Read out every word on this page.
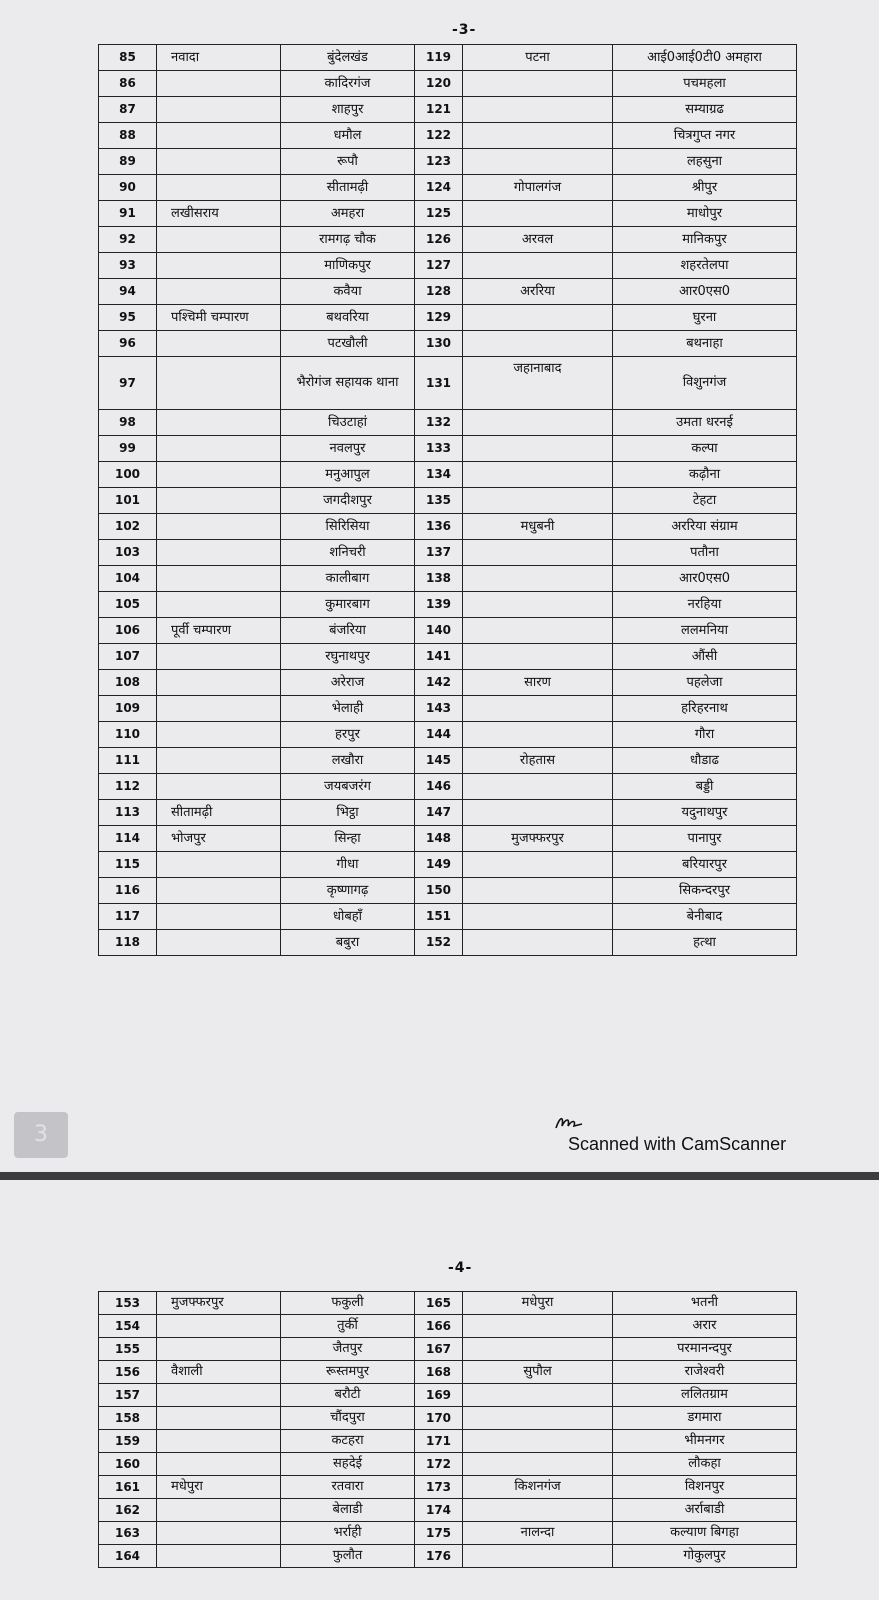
-3-
85	नवादा	बुंदेलखंड	119	पटना	आई0आई0टी0 अमहारा
86		कादिरगंज	120		पचमहला
87		शाहपुर	121		सम्याग्रढ
88		धमौल	122		चित्रगुप्त नगर
89		रूपौ	123		लहसुना
90		सीतामढ़ी	124	गोपालगंज	श्रीपुर
91	लखीसराय	अमहरा	125		माधोपुर
92		रामगढ़ चौक	126	अरवल	मानिकपुर
93		माणिकपुर	127		शहरतेलपा
94		कवैया	128	अररिया	आर0एस0
95	पश्चिमी चम्पारण	बथवरिया	129		घुरना
96		पटखौली	130		बथनाहा
97		भैरोगंज सहायक थाना	131	जहानाबाद	विशुनगंज
98		चिउटाहां	132		उमता धरनई
99		नवलपुर	133		कल्पा
100		मनुआपुल	134		कढ़ौना
101		जगदीशपुर	135		टेहटा
102		सिरिसिया	136	मधुबनी	अररिया संग्राम
103		शनिचरी	137		पतौना
104		कालीबाग	138		आर0एस0
105		कुमारबाग	139		नरहिया
106	पूर्वी चम्पारण	बंजरिया	140		ललमनिया
107		रघुनाथपुर	141		औंसी
108		अरेराज	142	सारण	पहलेजा
109		भेलाही	143		हरिहरनाथ
110		हरपुर	144		गौरा
111		लखौरा	145	रोहतास	धौडाढ
112		जयबजरंग	146		बड्डी
113	सीतामढ़ी	भिट्ठा	147		यदुनाथपुर
114	भोजपुर	सिन्हा	148	मुजफ्फरपुर	पानापुर
115		गीधा	149		बरियारपुर
116		कृष्णागढ़	150		सिकन्दरपुर
117		धोबहाँ	151		बेनीबाद
118		बबुरा	152		हत्था
3	Scanned with CamScanner
-4-
153	मुजफ्फरपुर	फकुली	165	मधेपुरा	भतनी
154		तुर्की	166		अरार
155		जैतपुर	167		परमानन्दपुर
156	वैशाली	रूस्तमपुर	168	सुपौल	राजेश्वरी
157		बरौटी	169		ललितग्राम
158		चौंदपुरा	170		डगमारा
159		कटहरा	171		भीमनगर
160		सहदेई	172		लौकहा
161	मधेपुरा	रतवारा	173	किशनगंज	विशनपुर
162		बेलाडी	174		अर्राबाडी
163		भर्राही	175	नालन्दा	कल्याण बिगहा
164		फुलौत	176		गोकुलपुर
